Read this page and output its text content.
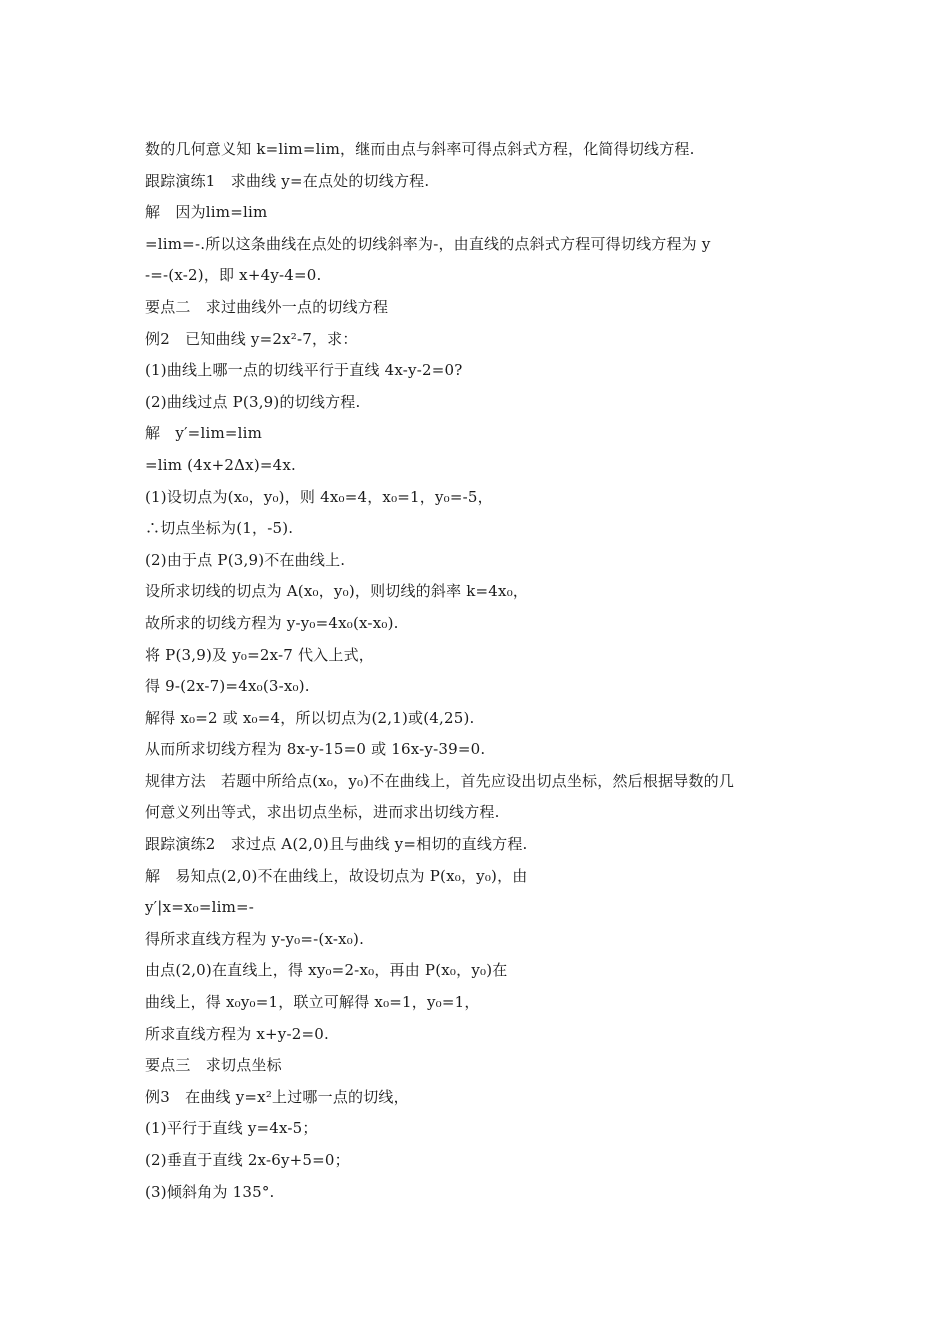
数的几何意义知 k=lim=lim，继而由点与斜率可得点斜式方程，化简得切线方程.
跟踪演练1　求曲线 y=在点处的切线方程.
解　因为lim=lim
=lim=-.所以这条曲线在点处的切线斜率为-，由直线的点斜式方程可得切线方程为 y
-=-(x-2)，即 x+4y-4=0.
要点二　求过曲线外一点的切线方程
例2　已知曲线 y=2x²-7，求：
(1)曲线上哪一点的切线平行于直线 4x-y-2=0?
(2)曲线过点 P(3,9)的切线方程.
解　y′=lim=lim
=lim (4x+2Δx)=4x.
(1)设切点为(x₀，y₀)，则 4x₀=4，x₀=1，y₀=-5，
∴切点坐标为(1，-5).
(2)由于点 P(3,9)不在曲线上.
设所求切线的切点为 A(x₀，y₀)，则切线的斜率 k=4x₀，
故所求的切线方程为 y-y₀=4x₀(x-x₀).
将 P(3,9)及 y₀=2x-7 代入上式，
得 9-(2x-7)=4x₀(3-x₀).
解得 x₀=2 或 x₀=4，所以切点为(2,1)或(4,25).
从而所求切线方程为 8x-y-15=0 或 16x-y-39=0.
规律方法　若题中所给点(x₀，y₀)不在曲线上，首先应设出切点坐标，然后根据导数的几
何意义列出等式，求出切点坐标，进而求出切线方程.
跟踪演练2　求过点 A(2,0)且与曲线 y=相切的直线方程.
解　易知点(2,0)不在曲线上，故设切点为 P(x₀，y₀)，由
y′|x=x₀=lim=-
得所求直线方程为 y-y₀=-(x-x₀).
由点(2,0)在直线上，得 xy₀=2-x₀，再由 P(x₀，y₀)在
曲线上，得 x₀y₀=1，联立可解得 x₀=1，y₀=1，
所求直线方程为 x+y-2=0.
要点三　求切点坐标
例3　在曲线 y=x²上过哪一点的切线，
(1)平行于直线 y=4x-5；
(2)垂直于直线 2x-6y+5=0；
(3)倾斜角为 135°.
